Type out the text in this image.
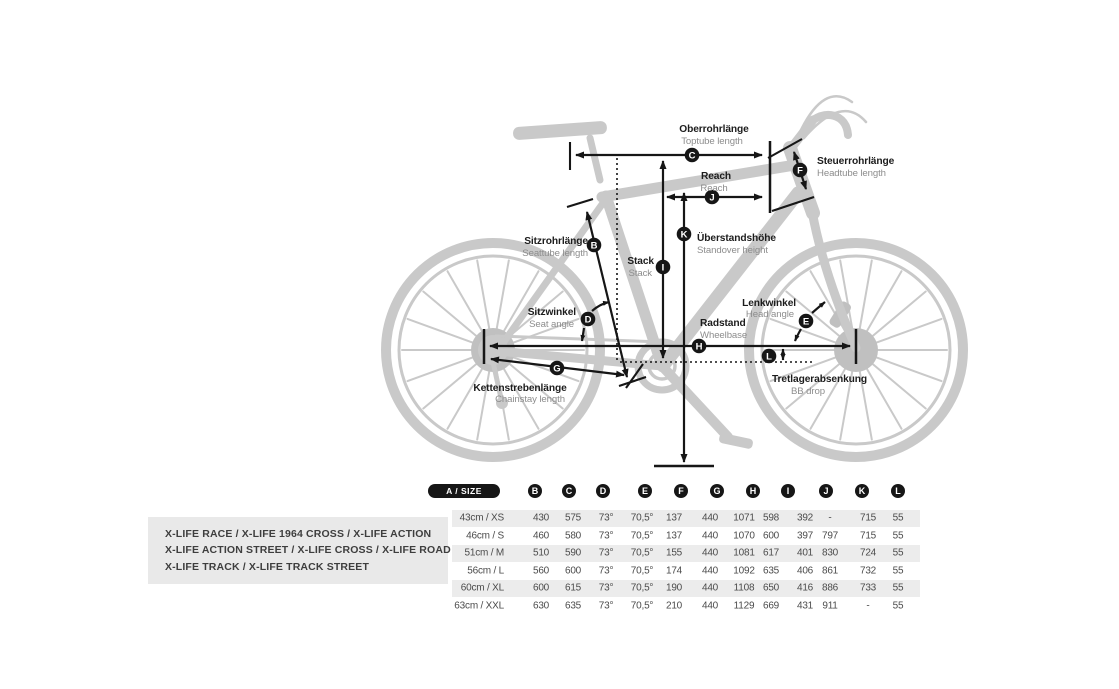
C
J
F
B
K
I
D	E
H
G
L
Oberrohrlänge
Toptube length
Reach
Reach
Steuerrohrlänge
Headtube length
Überstandshöhe
Standover height
Stack
Stack
Sitzrohrlänge
Seattube length
Sitzwinkel
Seat angle
Lenkwinkel
Head angle
Radstand
Wheelbase
Kettenstrebenlänge
Chainstay length
Tretlagerabsenkung
BB drop
A / SIZE	B	C	D	E	F	G	H	I	J	K	L
43cm / XS	430 575 73° 70,5° 137 440 1071 598 392 -	715 55
46cm / S	460 580 73° 70,5° 137 440 1070 600 397 797 715 55
51cm / M	510 590 73° 70,5° 155 440 1081 617 401 830 724 55
56cm / L	560 600 73° 70,5° 174 440 1092 635 406 861 732 55
60cm / XL	600 615 73° 70,5° 190 440 1108 650 416 886 733 55
63cm / XXL	630 635 73° 70,5° 210 440 1129 669 431 911	- 55
X-LIFE RACE / X-LIFE 1964 CROSS / X-LIFE ACTION
X-LIFE ACTION STREET / X-LIFE CROSS / X-LIFE ROAD
X-LIFE TRACK / X-LIFE TRACK STREET
